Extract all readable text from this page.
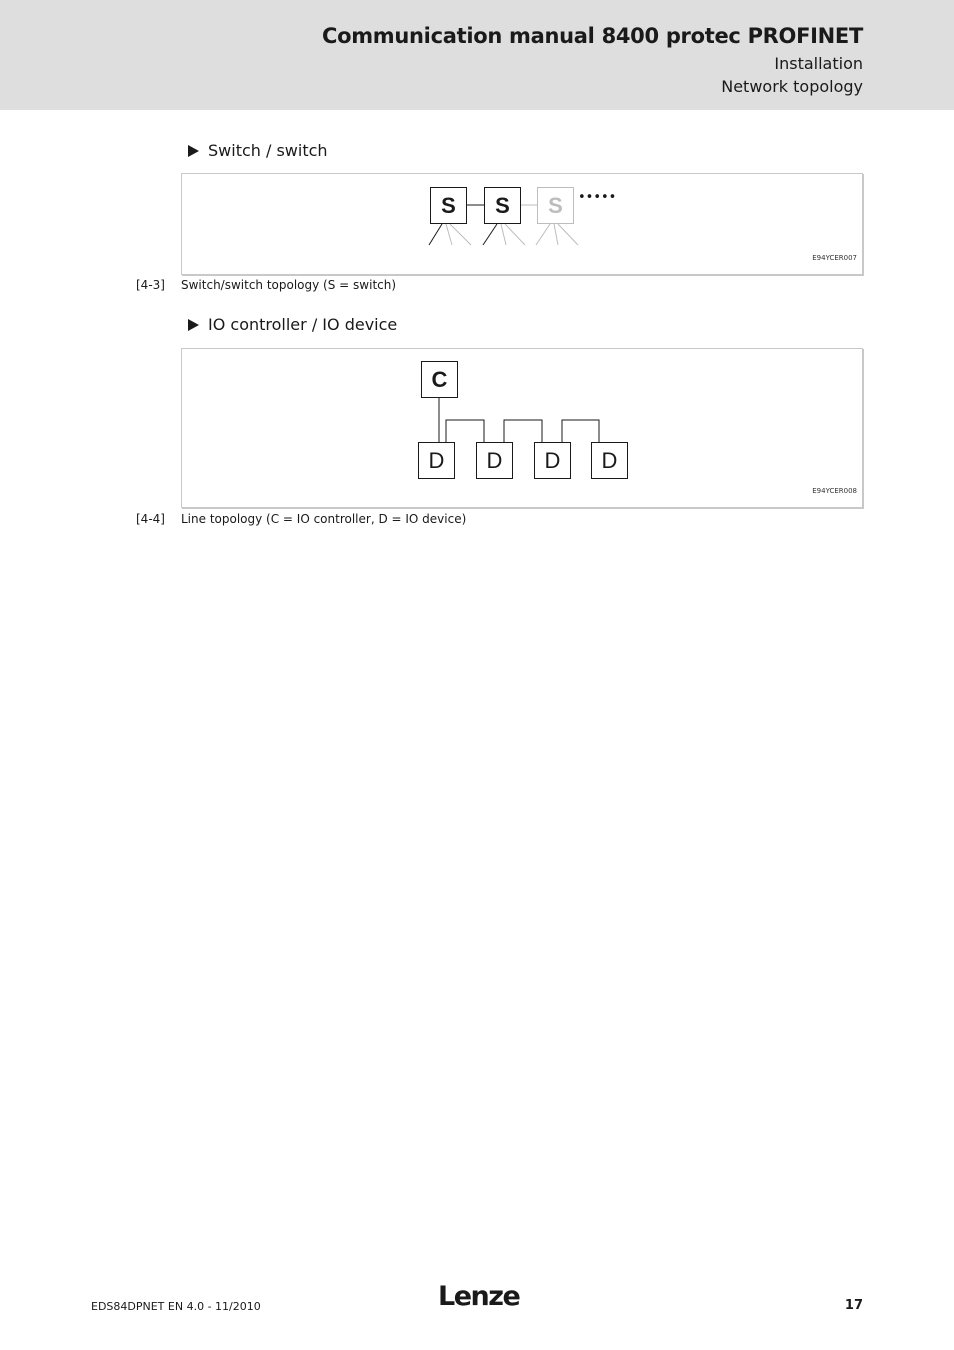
Communication manual 8400 protec PROFINET
Installation
Network topology
Switch / switch
S	S	S	•••••
E94YCER007
[4-3] Switch/switch topology (S = switch)
IO controller / IO device
C
D	D	D	D
E94YCER008
[4-4] Line topology (C = IO controller, D = IO device)
EDS84DPNET EN 4.0 - 11/2010	Lenze	17
